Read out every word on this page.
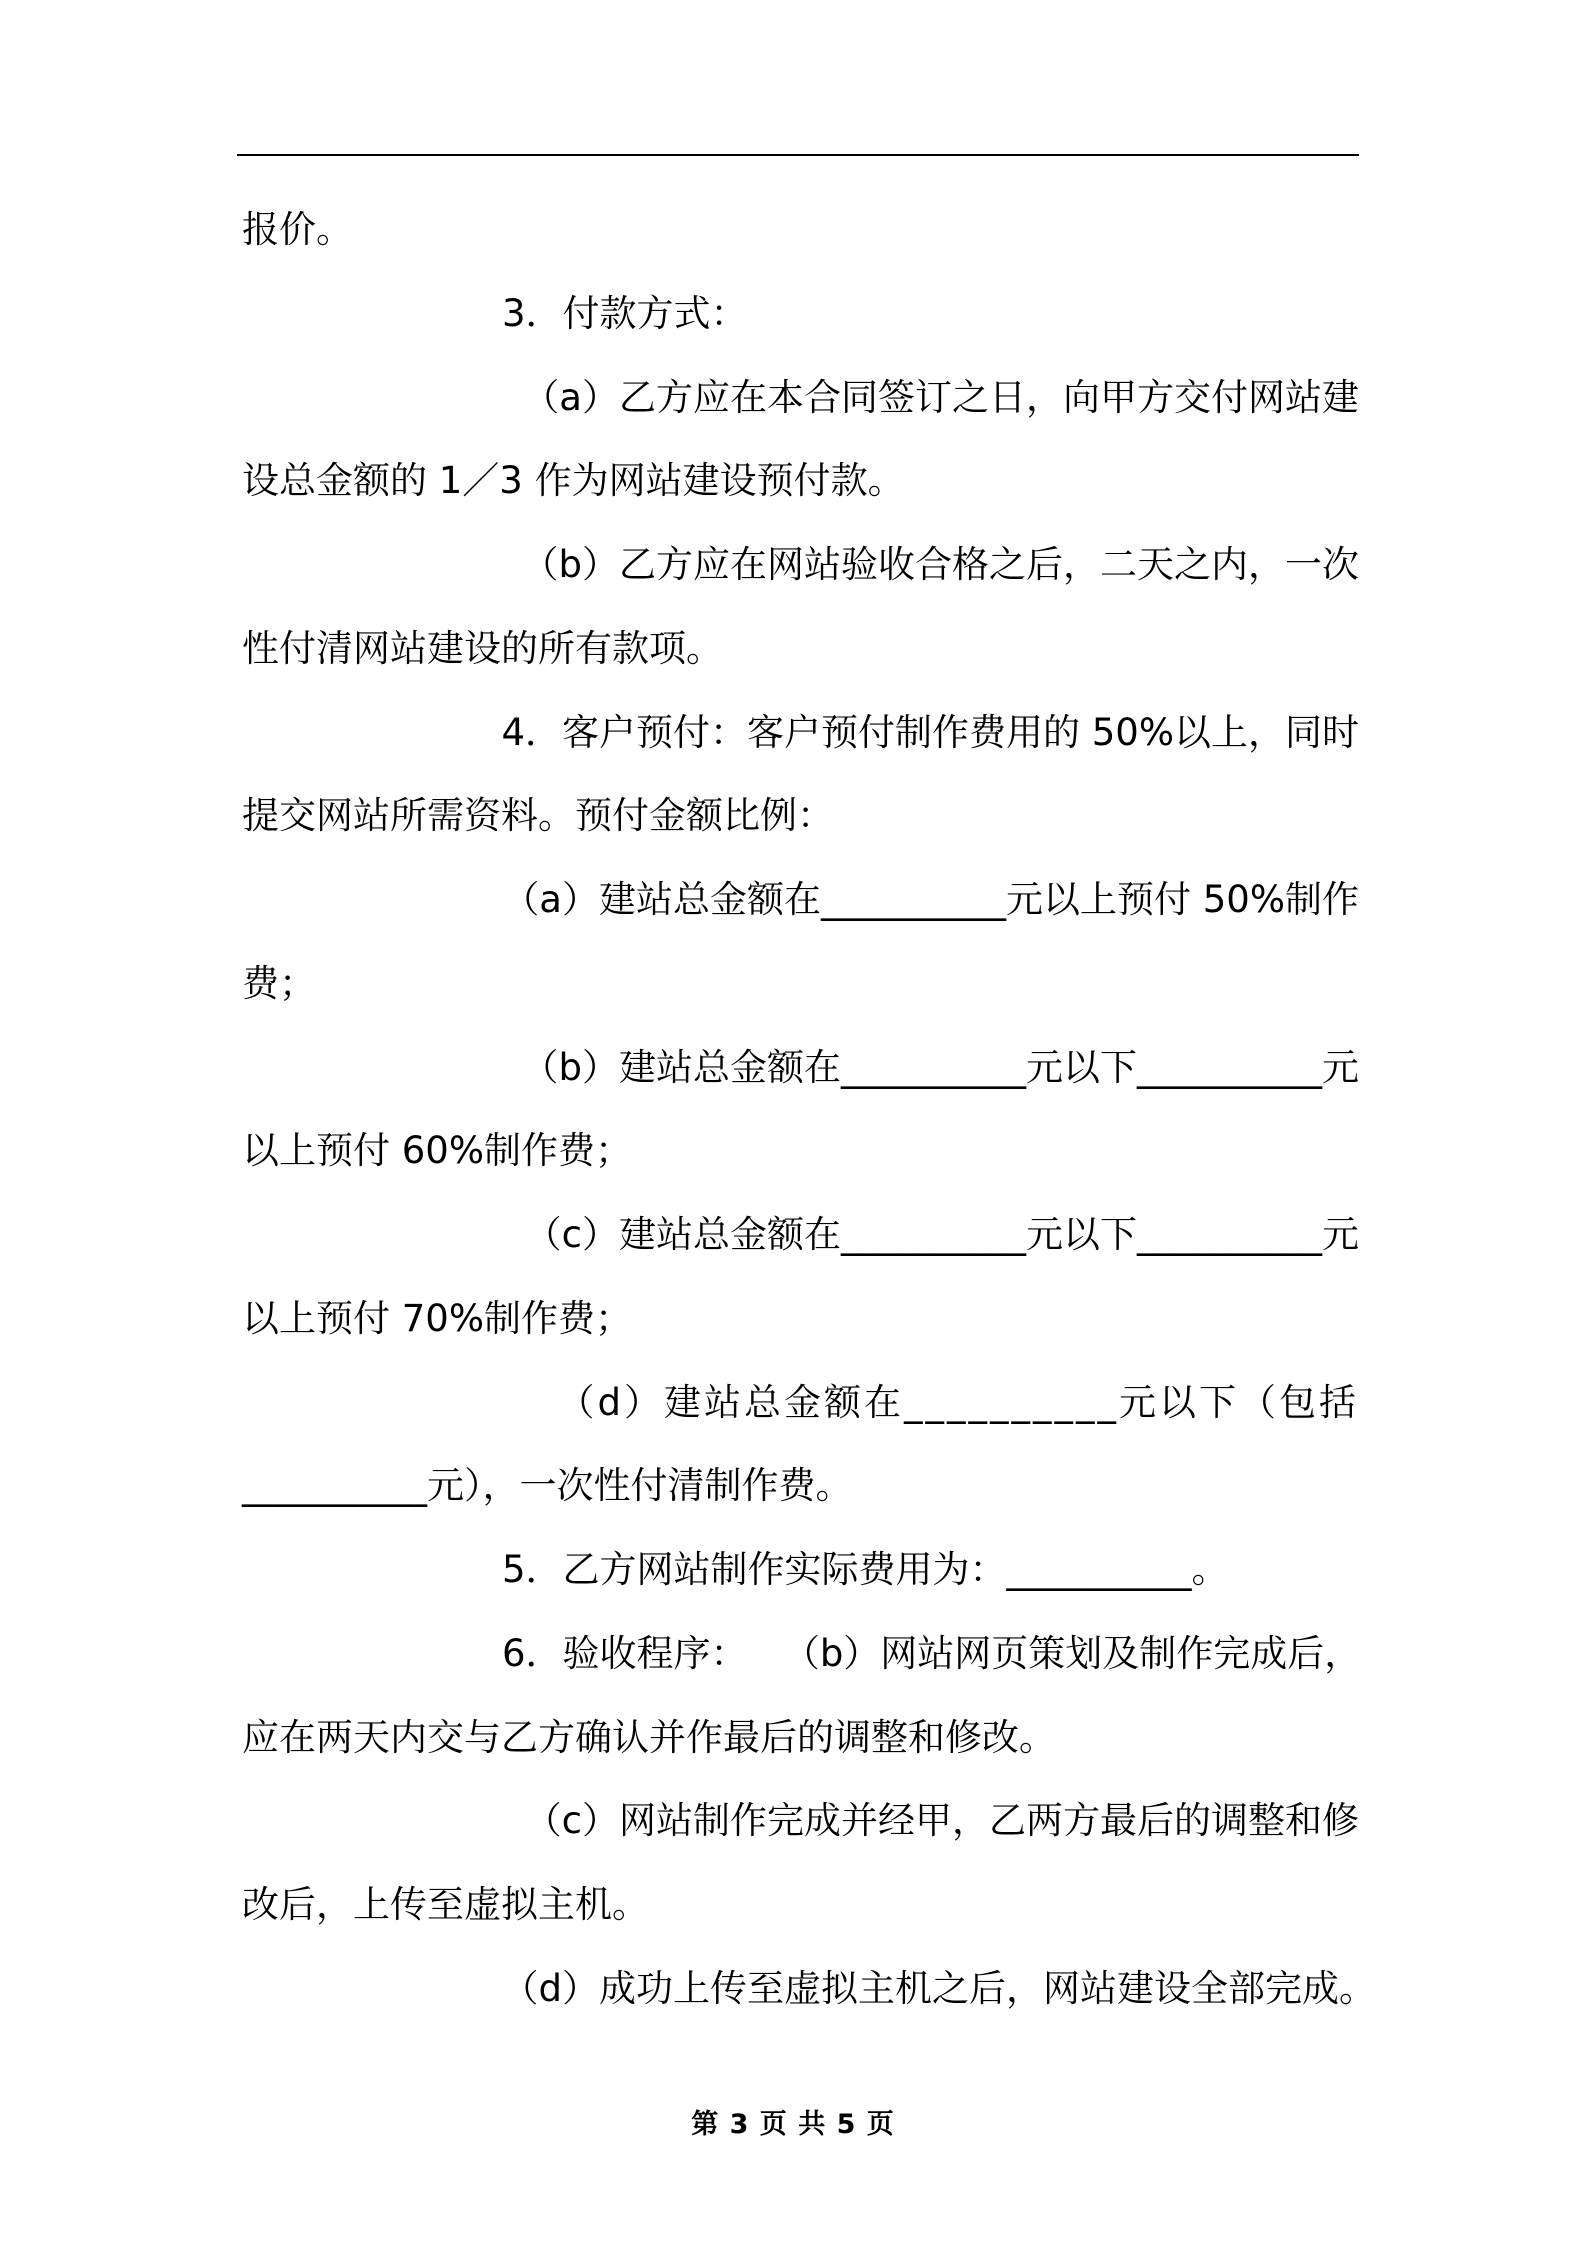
报价。
3．付款方式：
（a）乙方应在本合同签订之日，向甲方交付网站建
设总金额的 1／3 作为网站建设预付款。
（b）乙方应在网站验收合格之后，二天之内，一次
性付清网站建设的所有款项。
4．客户预付：客户预付制作费用的 50%以上，同时
提交网站所需资料。预付金额比例：
（a）建站总金额在__________元以上预付 50%制作
费；
（b）建站总金额在__________元以下__________元
以上预付 60%制作费；
（c）建站总金额在__________元以下__________元
以上预付 70%制作费；
（d）建站总金额在__________元以下（包括
__________元），一次性付清制作费。
5．乙方网站制作实际费用为：__________。
6．验收程序：   （b）网站网页策划及制作完成后，
应在两天内交与乙方确认并作最后的调整和修改。
（c）网站制作完成并经甲，乙两方最后的调整和修
改后，上传至虚拟主机。
（d）成功上传至虚拟主机之后，网站建设全部完成。
第 3 页 共 5 页
